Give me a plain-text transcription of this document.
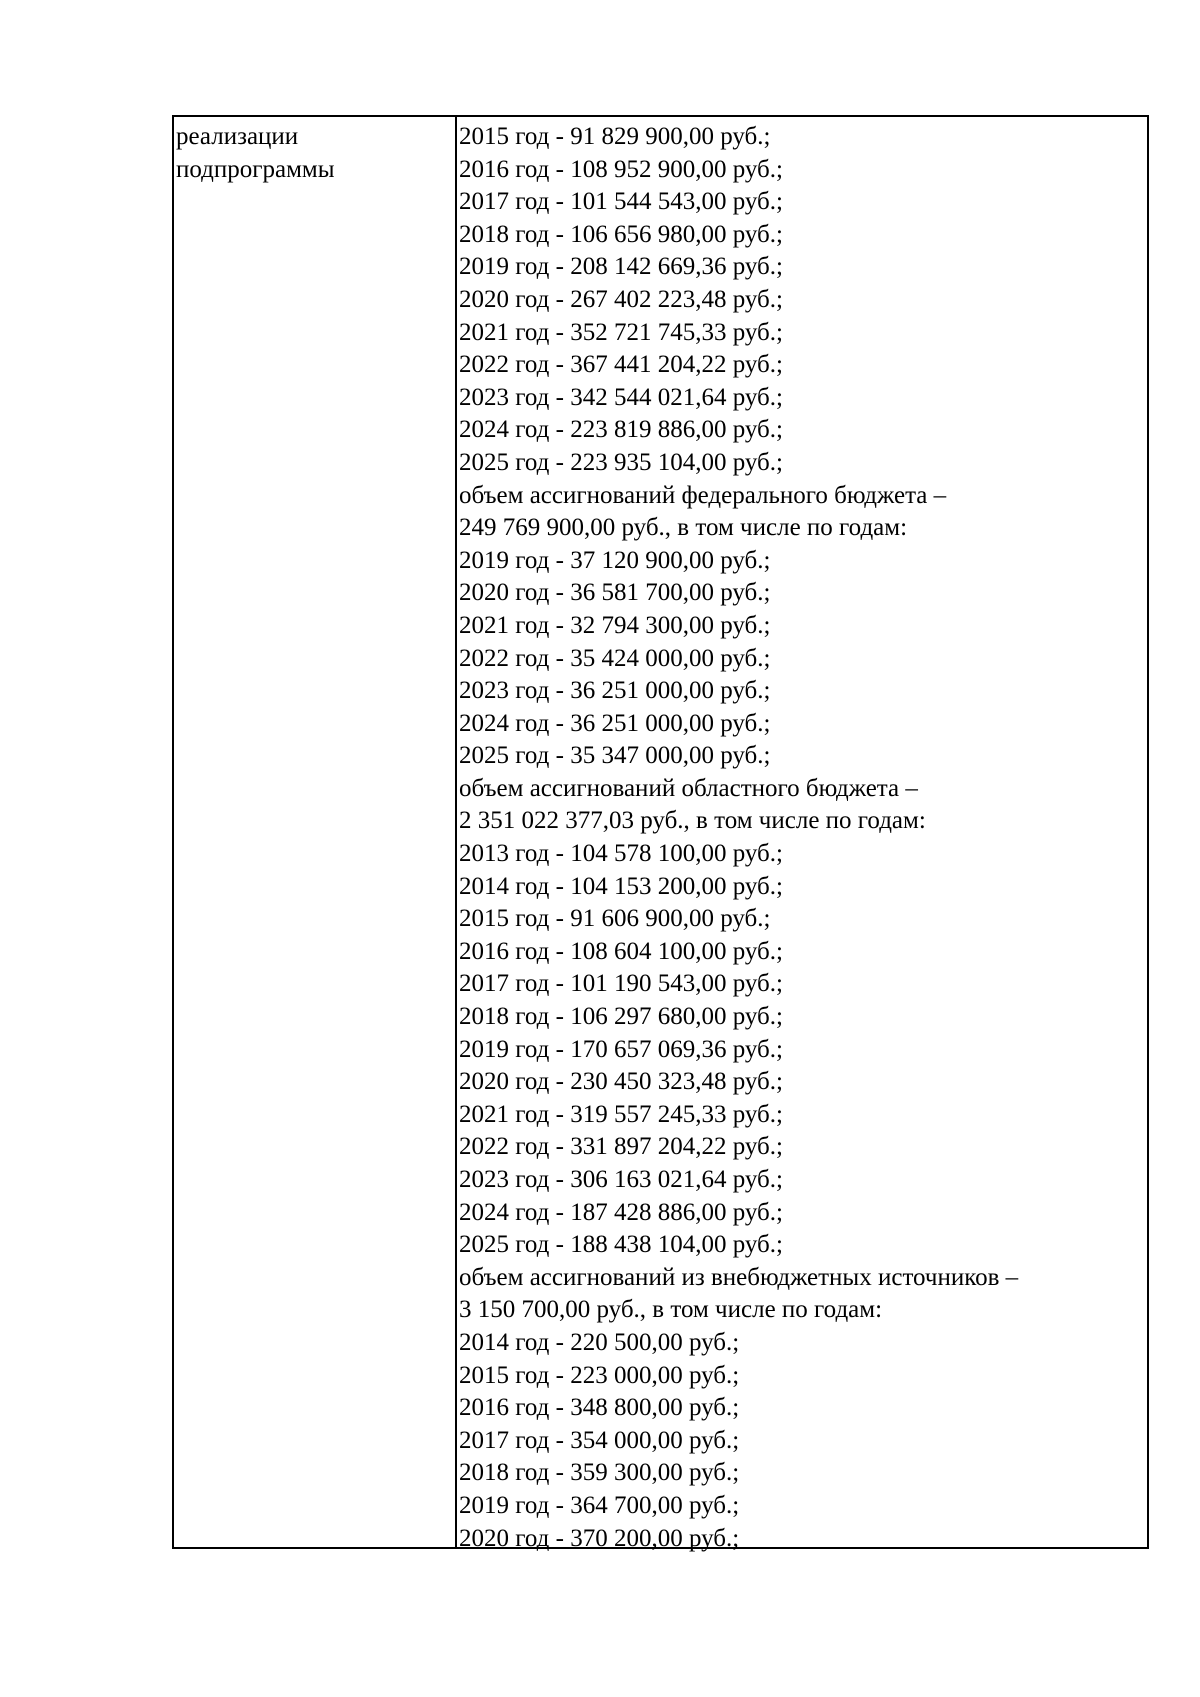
реализации
подпрограммы
2015 год - 91 829 900,00 руб.;
2016 год - 108 952 900,00 руб.;
2017 год - 101 544 543,00 руб.;
2018 год - 106 656 980,00 руб.;
2019 год - 208 142 669,36 руб.;
2020 год - 267 402 223,48 руб.;
2021 год - 352 721 745,33 руб.;
2022 год - 367 441 204,22 руб.;
2023 год - 342 544 021,64 руб.;
2024 год - 223 819 886,00 руб.;
2025 год - 223 935 104,00 руб.;
объем ассигнований федерального бюджета –
249 769 900,00 руб., в том числе по годам:
2019 год - 37 120 900,00 руб.;
2020 год - 36 581 700,00 руб.;
2021 год - 32 794 300,00 руб.;
2022 год - 35 424 000,00 руб.;
2023 год - 36 251 000,00 руб.;
2024 год - 36 251 000,00 руб.;
2025 год - 35 347 000,00 руб.;
объем ассигнований областного бюджета –
2 351 022 377,03 руб., в том числе по годам:
2013 год - 104 578 100,00 руб.;
2014 год - 104 153 200,00 руб.;
2015 год - 91 606 900,00 руб.;
2016 год - 108 604 100,00 руб.;
2017 год - 101 190 543,00 руб.;
2018 год - 106 297 680,00 руб.;
2019 год - 170 657 069,36 руб.;
2020 год - 230 450 323,48 руб.;
2021 год - 319 557 245,33 руб.;
2022 год - 331 897 204,22 руб.;
2023 год - 306 163 021,64 руб.;
2024 год - 187 428 886,00 руб.;
2025 год - 188 438 104,00 руб.;
объем ассигнований из внебюджетных источников –
3 150 700,00 руб., в том числе по годам:
2014 год - 220 500,00 руб.;
2015 год - 223 000,00 руб.;
2016 год - 348 800,00 руб.;
2017 год - 354 000,00 руб.;
2018 год - 359 300,00 руб.;
2019 год - 364 700,00 руб.;
2020 год - 370 200,00 руб.;
